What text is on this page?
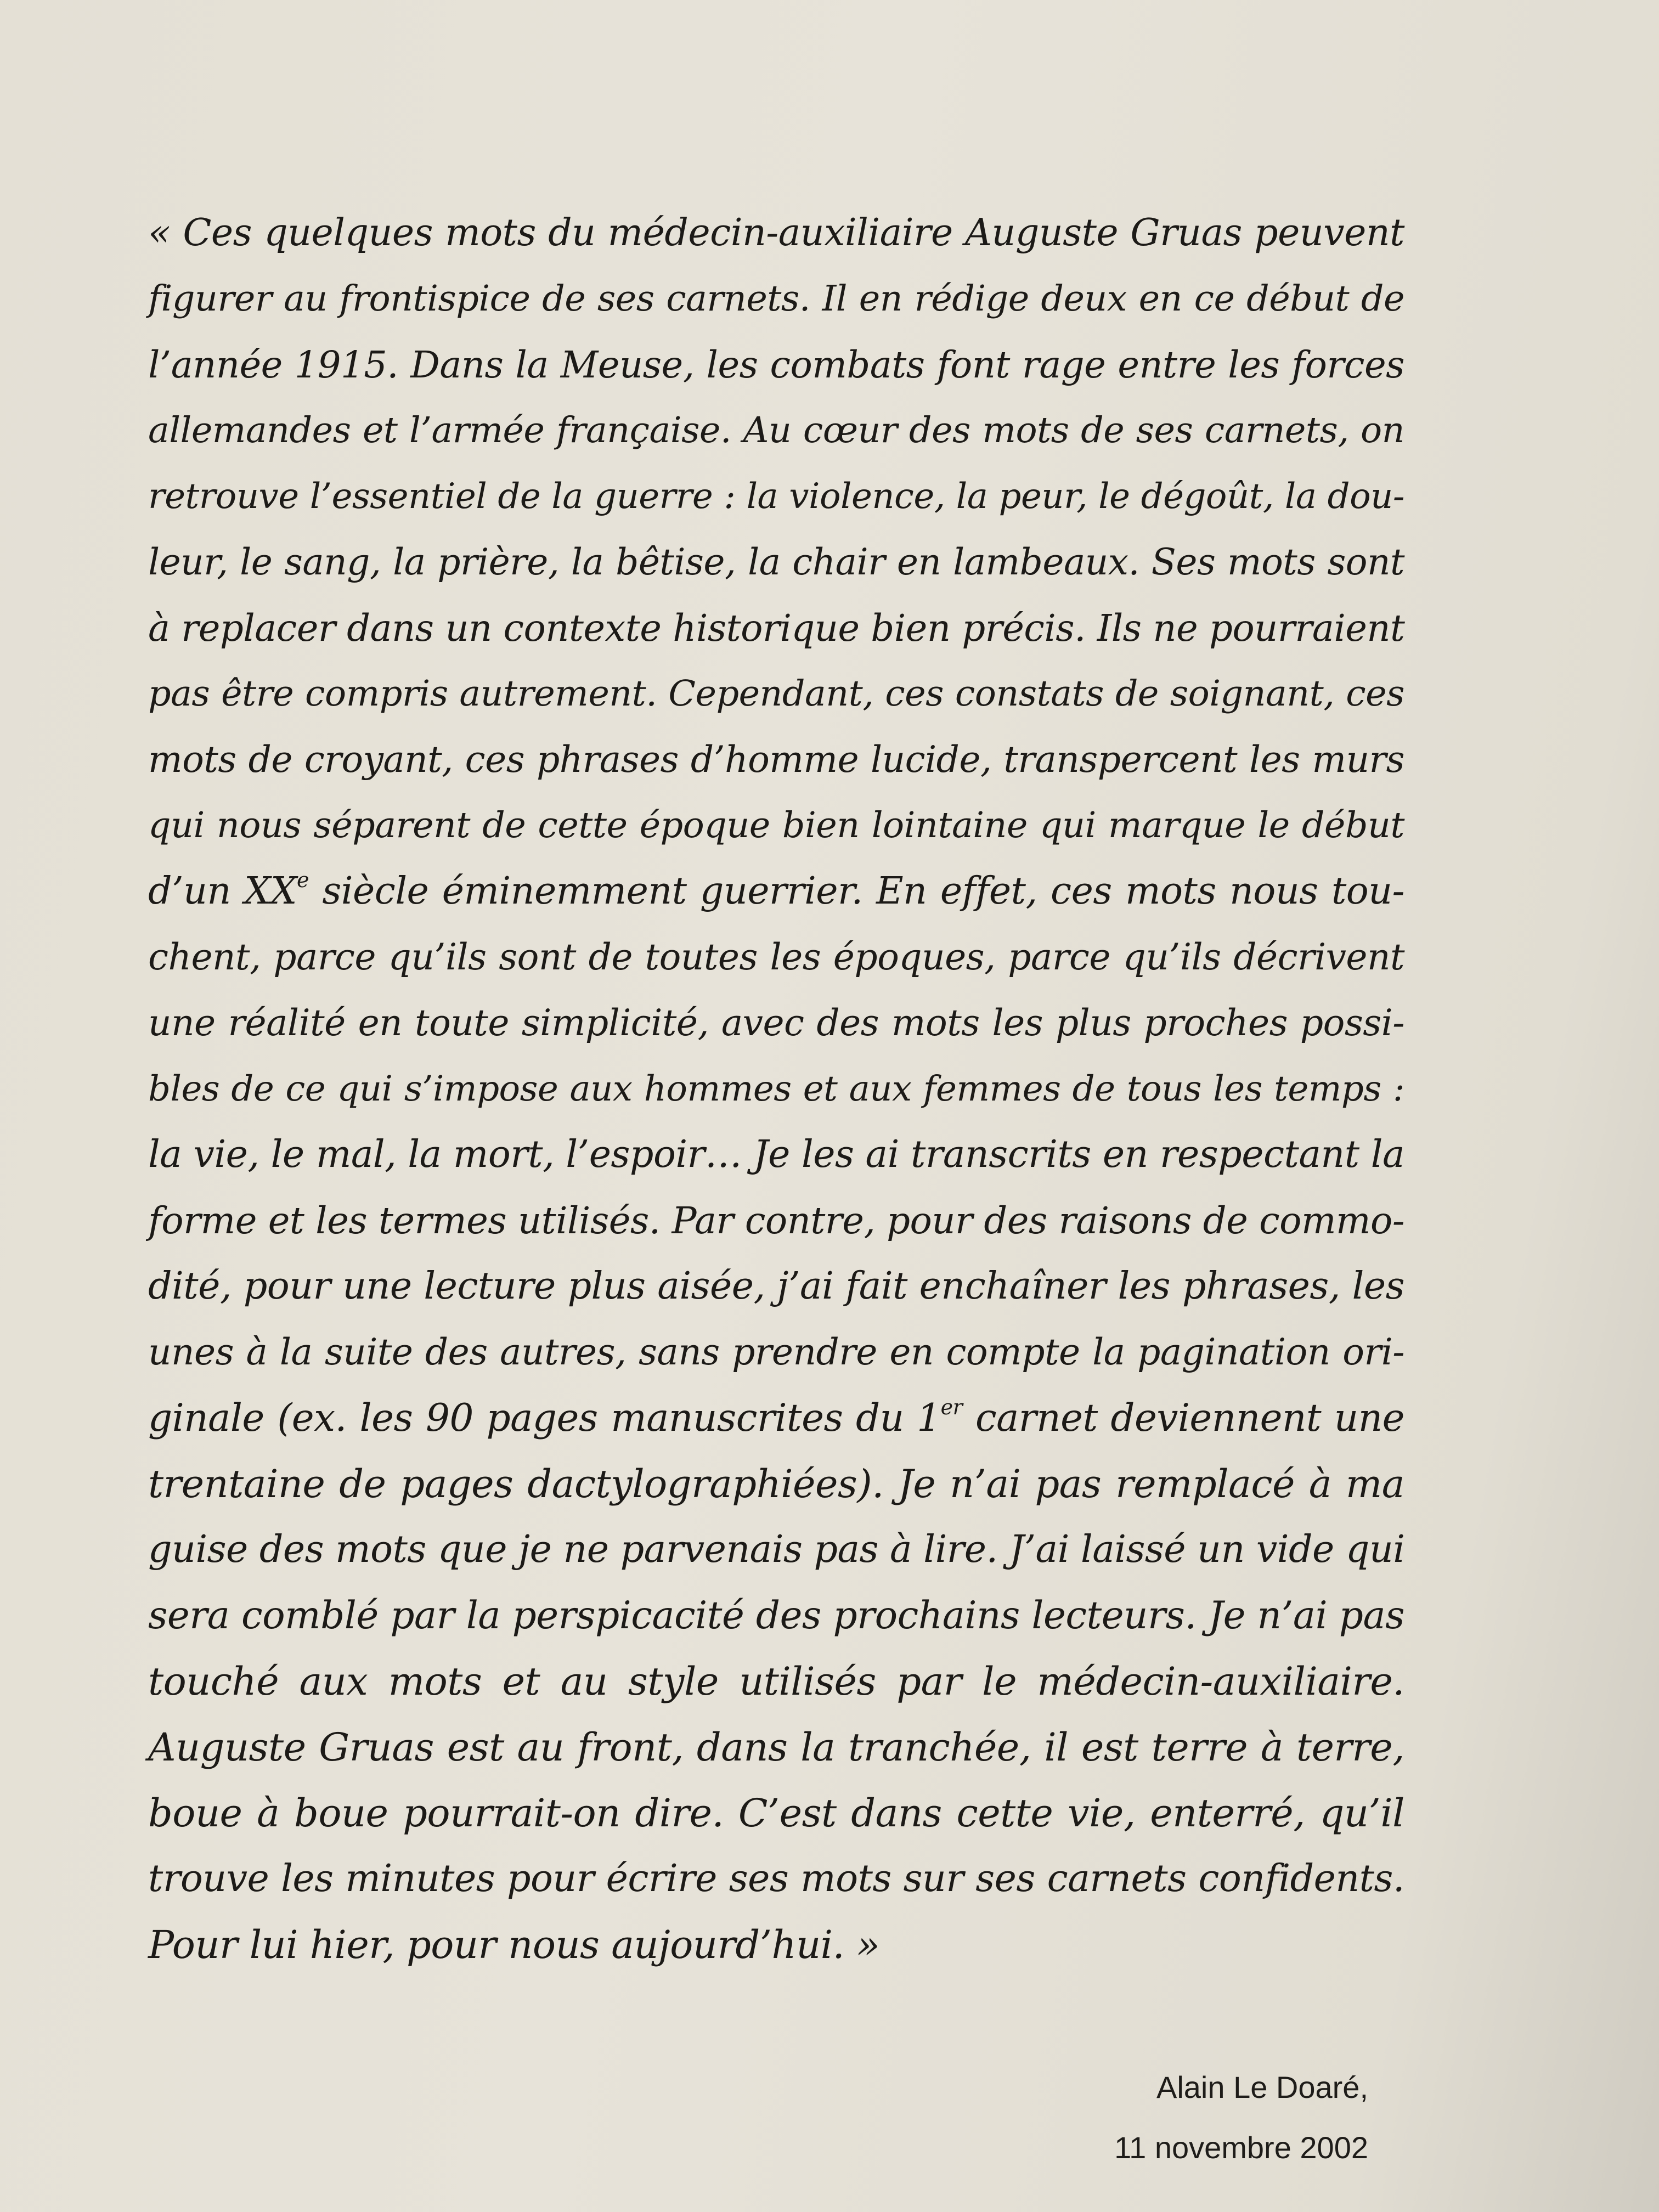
« Ces quelques mots du médecin-auxiliaire Auguste Gruas peuvent
figurer au frontispice de ses carnets. Il en rédige deux en ce début de
l’année 1915. Dans la Meuse, les combats font rage entre les forces
allemandes et l’armée française. Au cœur des mots de ses carnets, on
retrouve l’essentiel de la guerre : la violence, la peur, le dégoût, la dou-
leur, le sang, la prière, la bêtise, la chair en lambeaux. Ses mots sont
à replacer dans un contexte historique bien précis. Ils ne pourraient
pas être compris autrement. Cependant, ces constats de soignant, ces
mots de croyant, ces phrases d’homme lucide, transpercent les murs
qui nous séparent de cette époque bien lointaine qui marque le début
d’un XXe siècle éminemment guerrier. En effet, ces mots nous tou-
chent, parce qu’ils sont de toutes les époques, parce qu’ils décrivent
une réalité en toute simplicité, avec des mots les plus proches possi-
bles de ce qui s’impose aux hommes et aux femmes de tous les temps :
la vie, le mal, la mort, l’espoir… Je les ai transcrits en respectant la
forme et les termes utilisés. Par contre, pour des raisons de commo-
dité, pour une lecture plus aisée, j’ai fait enchaîner les phrases, les
unes à la suite des autres, sans prendre en compte la pagination ori-
ginale (ex. les 90 pages manuscrites du 1er carnet deviennent une
trentaine de pages dactylographiées). Je n’ai pas remplacé à ma
guise des mots que je ne parvenais pas à lire. J’ai laissé un vide qui
sera comblé par la perspicacité des prochains lecteurs. Je n’ai pas
touché aux mots et au style utilisés par le médecin-auxiliaire.
Auguste Gruas est au front, dans la tranchée, il est terre à terre,
boue à boue pourrait-on dire. C’est dans cette vie, enterré, qu’il
trouve les minutes pour écrire ses mots sur ses carnets confidents.
Pour lui hier, pour nous aujourd’hui. »
Alain Le Doaré,
11 novembre 2002
